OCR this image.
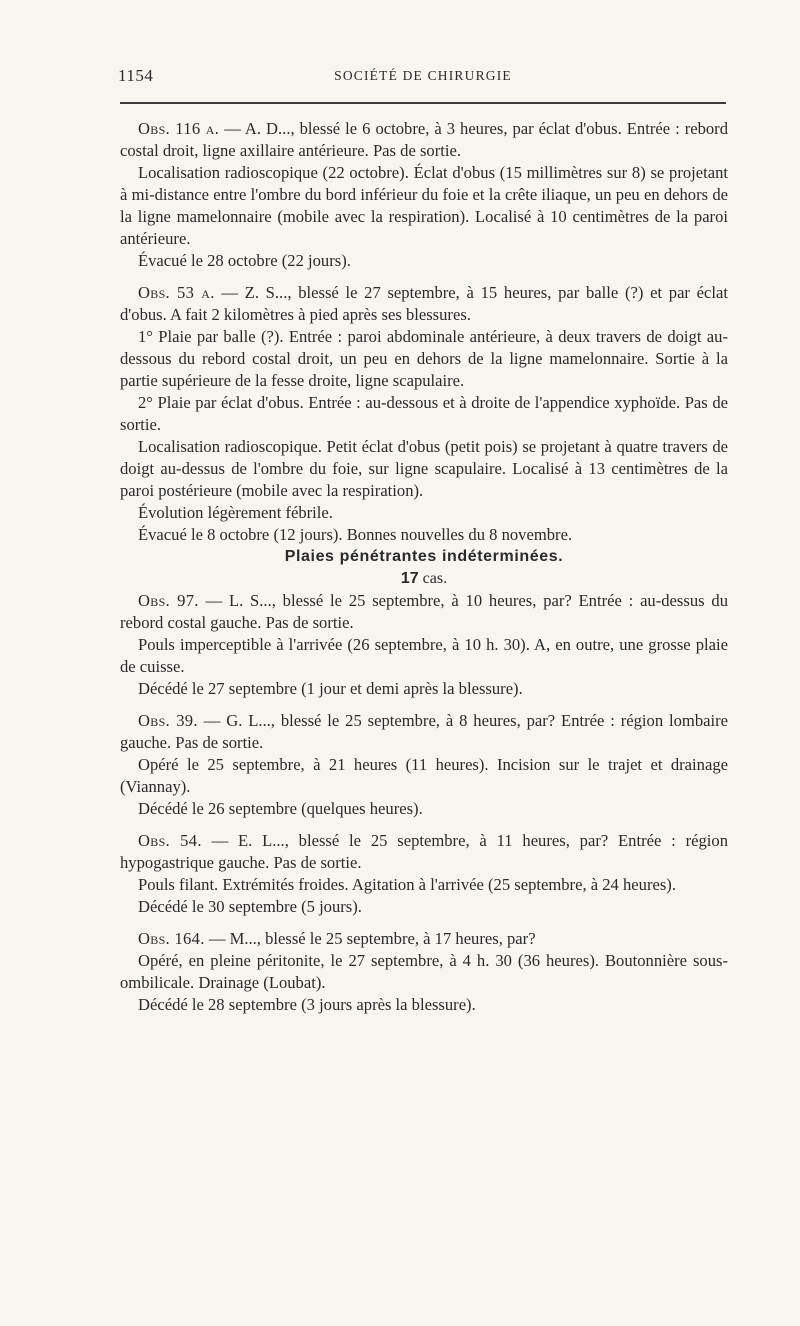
1154	SOCIÉTÉ DE CHIRURGIE

Obs. 116 a. — A. D..., blessé le 6 octobre, à 3 heures, par éclat d'obus. Entrée : rebord costal droit, ligne axillaire antérieure. Pas de sortie.

Localisation radioscopique (22 octobre). Éclat d'obus (15 millimètres sur 8) se projetant à mi-distance entre l'ombre du bord inférieur du foie et la crête iliaque, un peu en dehors de la ligne mamelonnaire (mobile avec la respiration). Localisé à 10 centimètres de la paroi antérieure.

Évacué le 28 octobre (22 jours).

Obs. 53 a. — Z. S..., blessé le 27 septembre, à 15 heures, par balle (?) et par éclat d'obus. A fait 2 kilomètres à pied après ses blessures.

1° Plaie par balle (?). Entrée : paroi abdominale antérieure, à deux travers de doigt au-dessous du rebord costal droit, un peu en dehors de la ligne mamelonnaire. Sortie à la partie supérieure de la fesse droite, ligne scapulaire.

2° Plaie par éclat d'obus. Entrée : au-dessous et à droite de l'appendice xyphoïde. Pas de sortie.

Localisation radioscopique. Petit éclat d'obus (petit pois) se projetant à quatre travers de doigt au-dessus de l'ombre du foie, sur ligne scapulaire. Localisé à 13 centimètres de la paroi postérieure (mobile avec la respiration).

Évolution légèrement fébrile.

Évacué le 8 octobre (12 jours). Bonnes nouvelles du 8 novembre.

Plaies pénétrantes indéterminées.

17 cas.

Obs. 97. — L. S..., blessé le 25 septembre, à 10 heures, par? Entrée : au-dessus du rebord costal gauche. Pas de sortie.

Pouls imperceptible à l'arrivée (26 septembre, à 10 h. 30). A, en outre, une grosse plaie de cuisse.

Décédé le 27 septembre (1 jour et demi après la blessure).

Obs. 39. — G. L..., blessé le 25 septembre, à 8 heures, par? Entrée : région lombaire gauche. Pas de sortie.

Opéré le 25 septembre, à 21 heures (11 heures). Incision sur le trajet et drainage (Viannay).

Décédé le 26 septembre (quelques heures).

Obs. 54. — E. L..., blessé le 25 septembre, à 11 heures, par? Entrée : région hypogastrique gauche. Pas de sortie.

Pouls filant. Extrémités froides. Agitation à l'arrivée (25 septembre, à 24 heures).

Décédé le 30 septembre (5 jours).

Obs. 164. — M..., blessé le 25 septembre, à 17 heures, par?

Opéré, en pleine péritonite, le 27 septembre, à 4 h. 30 (36 heures). Boutonnière sous-ombilicale. Drainage (Loubat).

Décédé le 28 septembre (3 jours après la blessure).
